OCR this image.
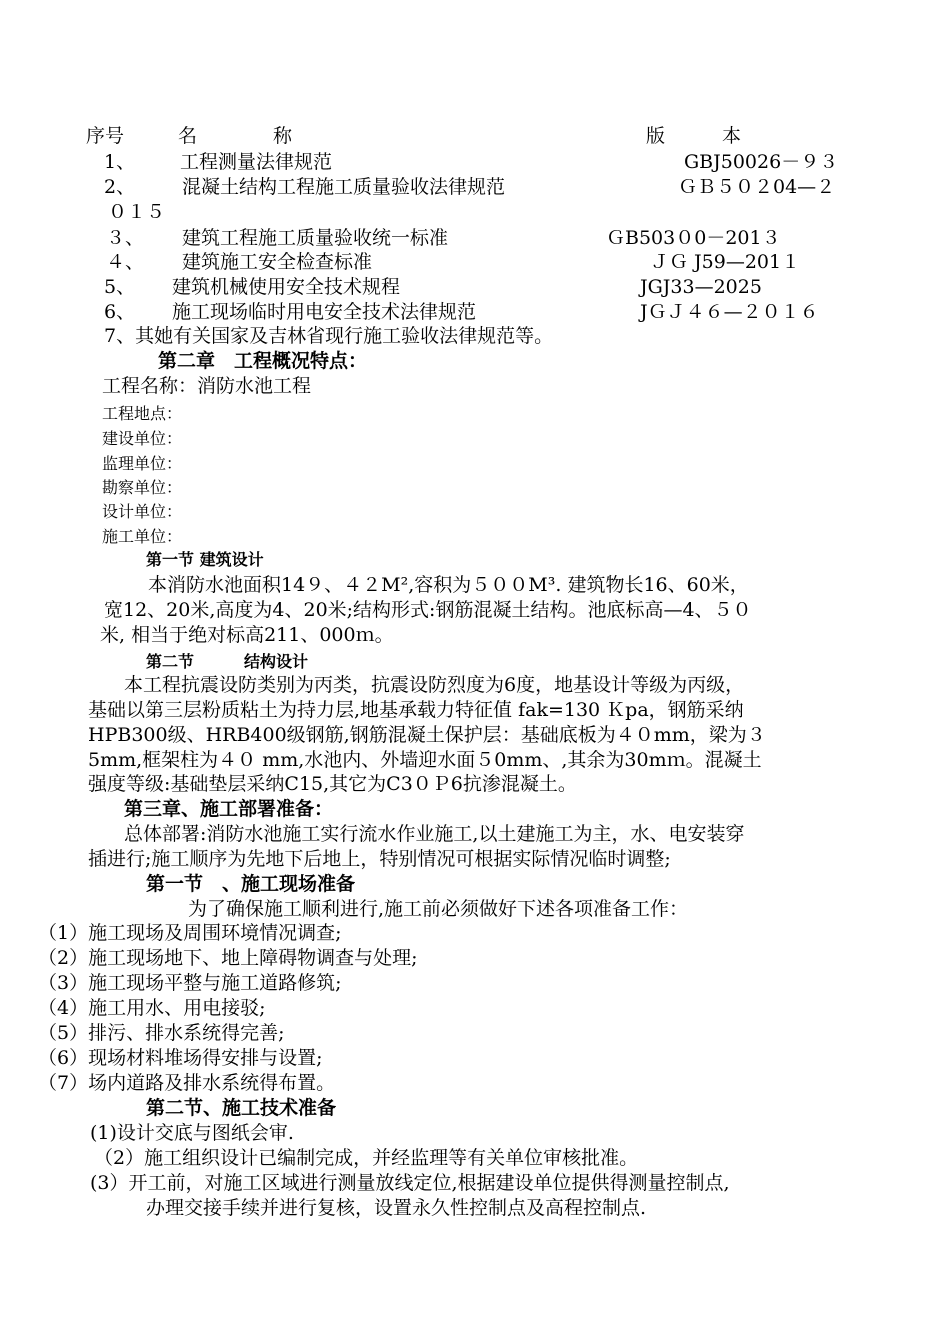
序号	名　　　　称	版　　　本
1、 工程测量法律规范	GBJ50026－９３
2、 混凝土结构工程施工质量验收法律规范	ＧＢ５０２04—２
０１５
３、 建筑工程施工质量验收统一标准	ＧB503０0－201３
４、 建筑施工安全检查标准	ＪＧ J59—201１
5、 建筑机械使用安全技术规程	JGJ33—2025
6、 施工现场临时用电安全技术法律规范	JＧＪ４６—２０１６
7、其她有关国家及吉林省现行施工验收法律规范等。
第二章　工程概况特点：
工程名称：消防水池工程
工程地点：
建设单位：
监理单位：
勘察单位：
设计单位：
施工单位：
第一节 建筑设计
本消防水池面积14９、４２M²,容积为５００M³. 建筑物长16、60米，
宽12、20米,高度为4、20米;结构形式:钢筋混凝土结构。池底标高—4、５０
米, 相当于绝对标高211、000ｍ。
第二节	结构设计
本工程抗震设防类别为丙类，抗震设防烈度为6度，地基设计等级为丙级，
基础以第三层粉质粘土为持力层,地基承载力特征值 fak=130 Ｋpa，钢筋采纳
HPB300级、HRB400级钢筋,钢筋混凝土保护层：基础底板为４０mm，梁为３
5mm,框架柱为４０ mm,水池内、外墙迎水面５0mm、,其余为30mｍ。混凝土
强度等级:基础垫层采纳C15,其它为C3０Ｐ6抗渗混凝土。
第三章、施工部署准备：
总体部署:消防水池施工实行流水作业施工,以土建施工为主，水、电安装穿
插进行;施工顺序为先地下后地上，特别情况可根据实际情况临时调整;
第一节　、施工现场准备
为了确保施工顺利进行,施工前必须做好下述各项准备工作：
（1）施工现场及周围环境情况调查;
（2）施工现场地下、地上障碍物调查与处理;
（3）施工现场平整与施工道路修筑;
（4）施工用水、用电接驳;
（5）排污、排水系统得完善;
（6）现场材料堆场得安排与设置;
（7）场内道路及排水系统得布置。
第二节、施工技术准备
(1)设计交底与图纸会审.
（2）施工组织设计已编制完成，并经监理等有关单位审核批准。
(3）开工前，对施工区域进行测量放线定位,根据建设单位提供得测量控制点,
办理交接手续并进行复核，设置永久性控制点及高程控制点.
